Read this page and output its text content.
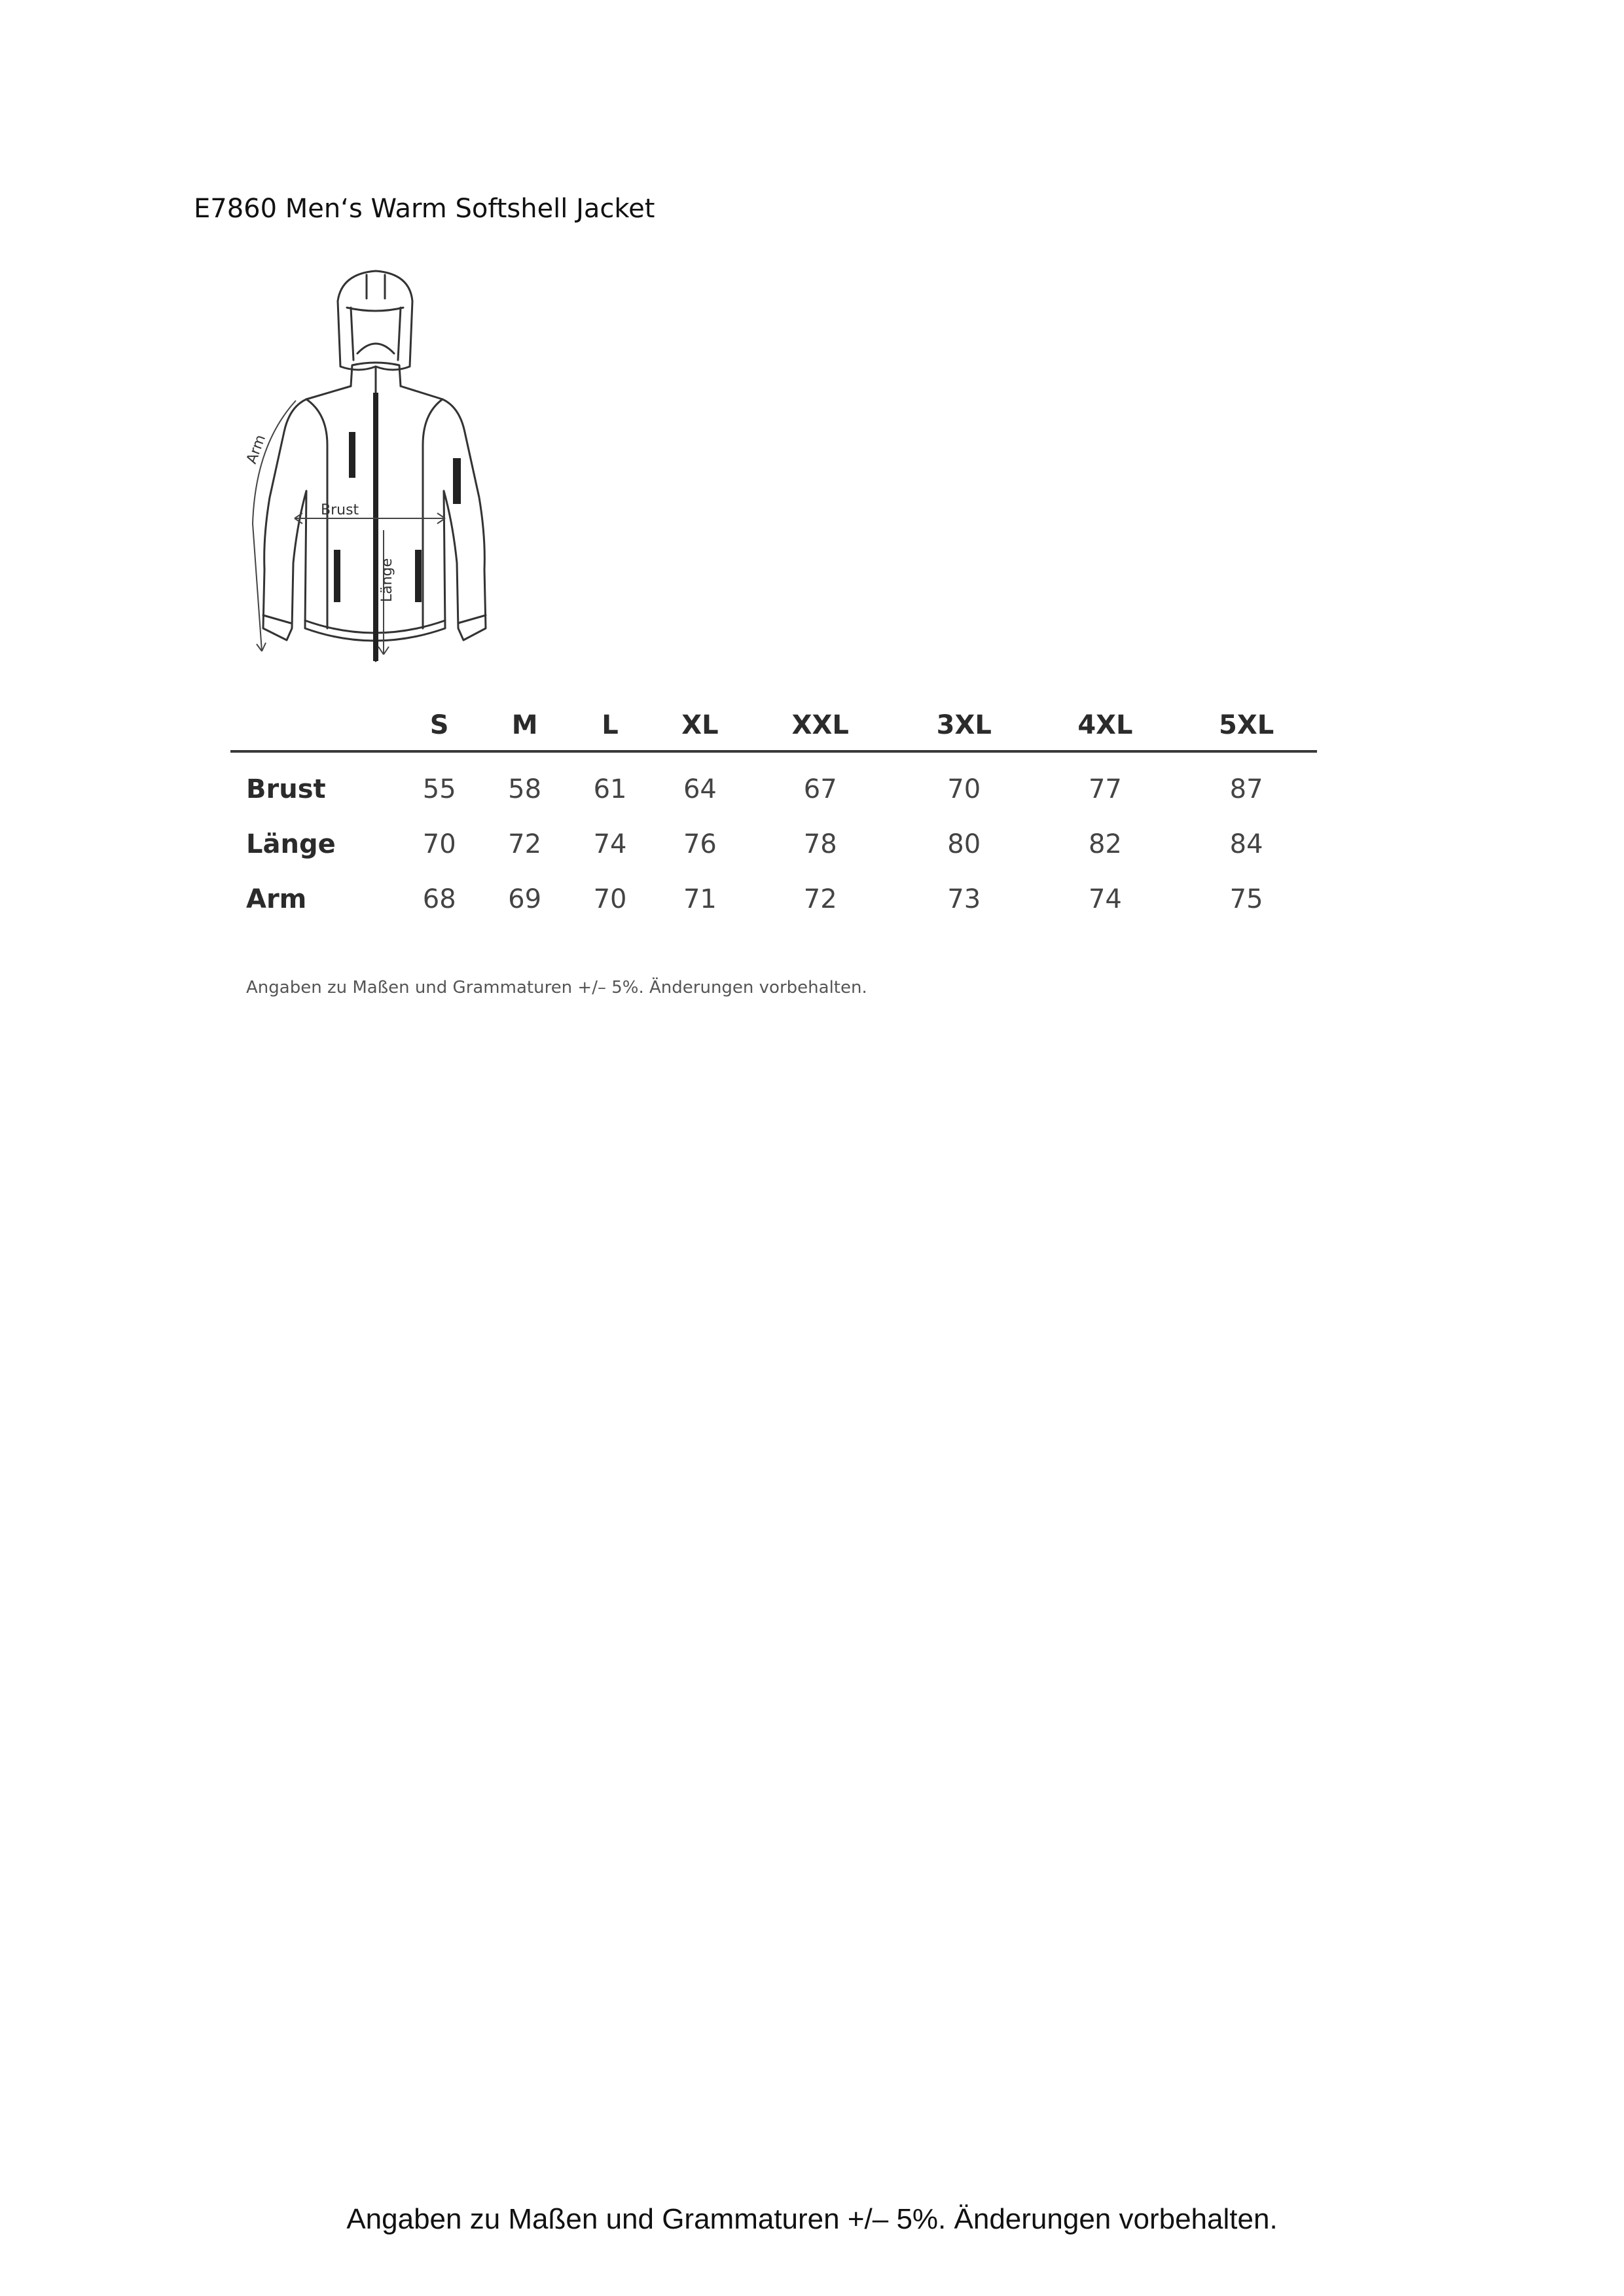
E7860 Men‘s Warm Softshell Jacket
Brust
Länge
Arm
	S	M	L	XL	XXL	3XL	4XL	5XL
Brust	55	58	61	64	67	70	77	87
Länge	70	72	74	76	78	80	82	84
Arm	68	69	70	71	72	73	74	75
Angaben zu Maßen und Grammaturen +/– 5%. Änderungen vorbehalten.
Angaben zu Maßen und Grammaturen +/– 5%. Änderungen vorbehalten.
